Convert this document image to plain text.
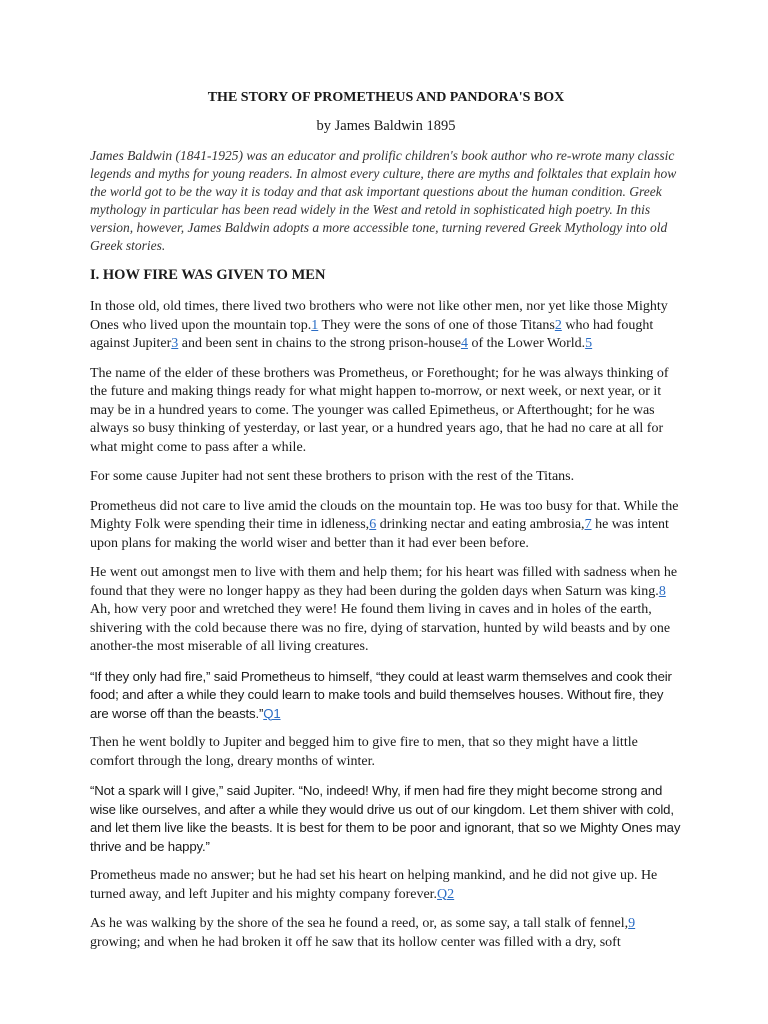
THE STORY OF PROMETHEUS AND PANDORA'S BOX
by James Baldwin 1895
James Baldwin (1841-1925) was an educator and prolific children's book author who re-wrote many classic legends and myths for young readers. In almost every culture, there are myths and folktales that explain how the world got to be the way it is today and that ask important questions about the human condition. Greek mythology in particular has been read widely in the West and retold in sophisticated high poetry. In this version, however, James Baldwin adopts a more accessible tone, turning revered Greek Mythology into old Greek stories.
I. HOW FIRE WAS GIVEN TO MEN

In those old, old times, there lived two brothers who were not like other men, nor yet like those Mighty Ones who lived upon the mountain top.1 They were the sons of one of those Titans2 who had fought against Jupiter3 and been sent in chains to the strong prison-house4 of the Lower World.5

The name of the elder of these brothers was Prometheus, or Forethought; for he was always thinking of the future and making things ready for what might happen to-morrow, or next week, or next year, or it may be in a hundred years to come. The younger was called Epimetheus, or Afterthought; for he was always so busy thinking of yesterday, or last year, or a hundred years ago, that he had no care at all for what might come to pass after a while.

For some cause Jupiter had not sent these brothers to prison with the rest of the Titans.

Prometheus did not care to live amid the clouds on the mountain top. He was too busy for that. While the Mighty Folk were spending their time in idleness,6 drinking nectar and eating ambrosia,7 he was intent upon plans for making the world wiser and better than it had ever been before.

He went out amongst men to live with them and help them; for his heart was filled with sadness when he found that they were no longer happy as they had been during the golden days when Saturn was king.8 Ah, how very poor and wretched they were! He found them living in caves and in holes of the earth, shivering with the cold because there was no fire, dying of starvation, hunted by wild beasts and by one another-the most miserable of all living creatures.

“If they only had fire,” said Prometheus to himself, “they could at least warm themselves and cook their food; and after a while they could learn to make tools and build themselves houses. Without fire, they are worse off than the beasts.”Q1

Then he went boldly to Jupiter and begged him to give fire to men, that so they might have a little comfort through the long, dreary months of winter.

“Not a spark will I give,” said Jupiter. “No, indeed! Why, if men had fire they might become strong and wise like ourselves, and after a while they would drive us out of our kingdom. Let them shiver with cold, and let them live like the beasts. It is best for them to be poor and ignorant, that so we Mighty Ones may thrive and be happy.”

Prometheus made no answer; but he had set his heart on helping mankind, and he did not give up. He turned away, and left Jupiter and his mighty company forever.Q2

As he was walking by the shore of the sea he found a reed, or, as some say, a tall stalk of fennel,9 growing; and when he had broken it off he saw that its hollow center was filled with a dry, soft
